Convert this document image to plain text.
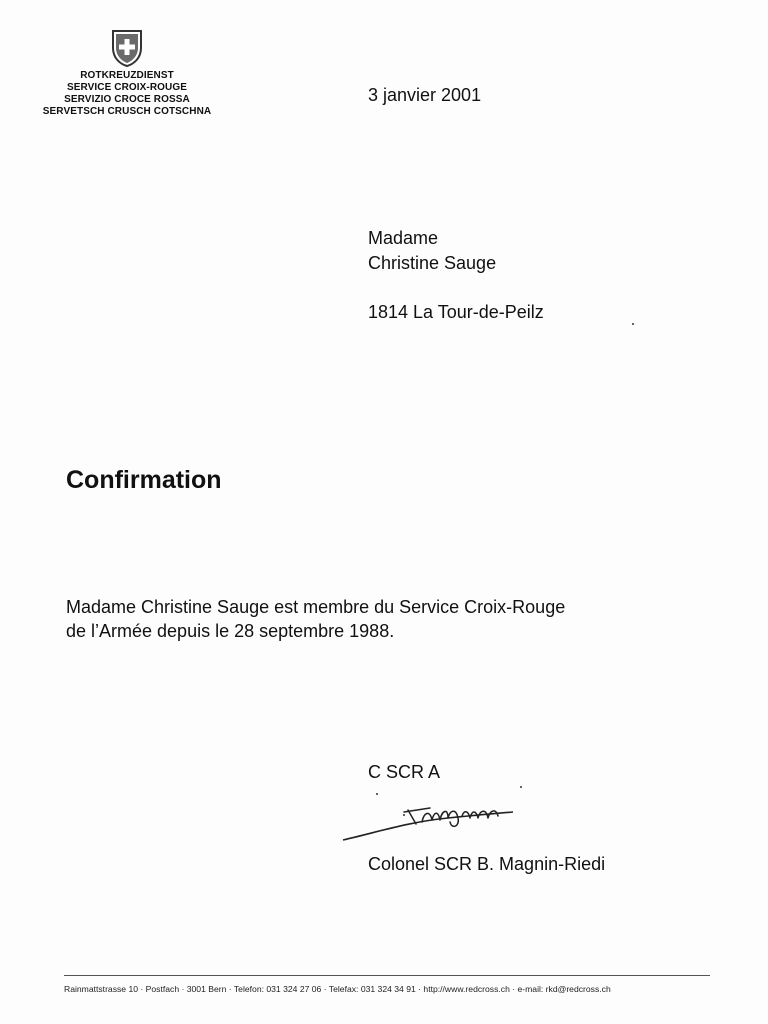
ROTKREUZDIENST
SERVICE CROIX-ROUGE
SERVIZIO CROCE ROSSA
SERVETSCH CRUSCH COTSCHNA
3 janvier 2001
Madame
Christine Sauge
1814 La Tour-de-Peilz
Confirmation
Madame Christine Sauge est membre du Service Croix-Rouge
de l’Armée depuis le 28 septembre 1988.
C SCR A
Colonel SCR B. Magnin-Riedi
Rainmattstrasse 10 · Postfach · 3001 Bern · Telefon: 031 324 27 06 · Telefax: 031 324 34 91 · http://www.redcross.ch · e-mail: rkd@redcross.ch
